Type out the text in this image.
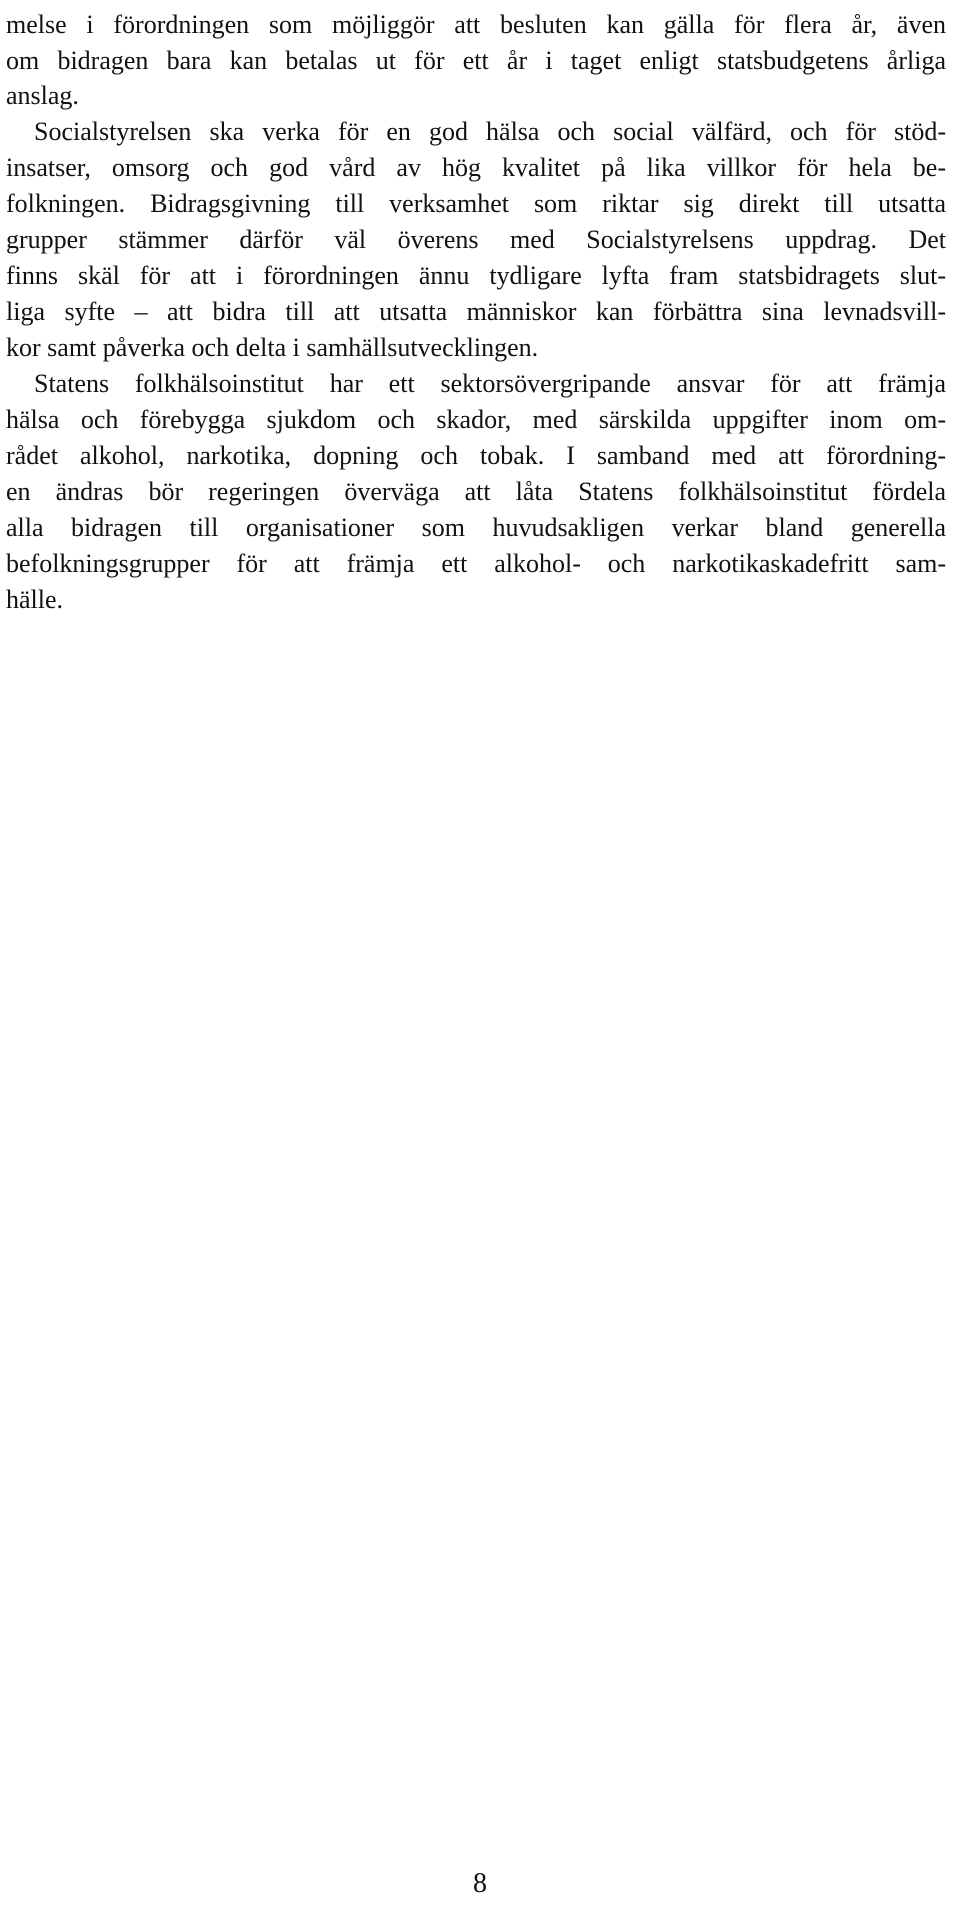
melse i förordningen som möjliggör att besluten kan gälla för flera år, även
om bidragen bara kan betalas ut för ett år i taget enligt statsbudgetens årliga
anslag.
Socialstyrelsen ska verka för en god hälsa och social välfärd, och för stöd-
insatser, omsorg och god vård av hög kvalitet på lika villkor för hela be-
folkningen. Bidragsgivning till verksamhet som riktar sig direkt till utsatta
grupper stämmer därför väl överens med Socialstyrelsens uppdrag. Det
finns skäl för att i förordningen ännu tydligare lyfta fram statsbidragets slut-
liga syfte – att bidra till att utsatta människor kan förbättra sina levnadsvill-
kor samt påverka och delta i samhällsutvecklingen.
Statens folkhälsoinstitut har ett sektorsövergripande ansvar för att främja
hälsa och förebygga sjukdom och skador, med särskilda uppgifter inom om-
rådet alkohol, narkotika, dopning och tobak. I samband med att förordning-
en ändras bör regeringen överväga att låta Statens folkhälsoinstitut fördela
alla bidragen till organisationer som huvudsakligen verkar bland generella
befolkningsgrupper för att främja ett alkohol- och narkotikaskadefritt sam-
hälle.
8
